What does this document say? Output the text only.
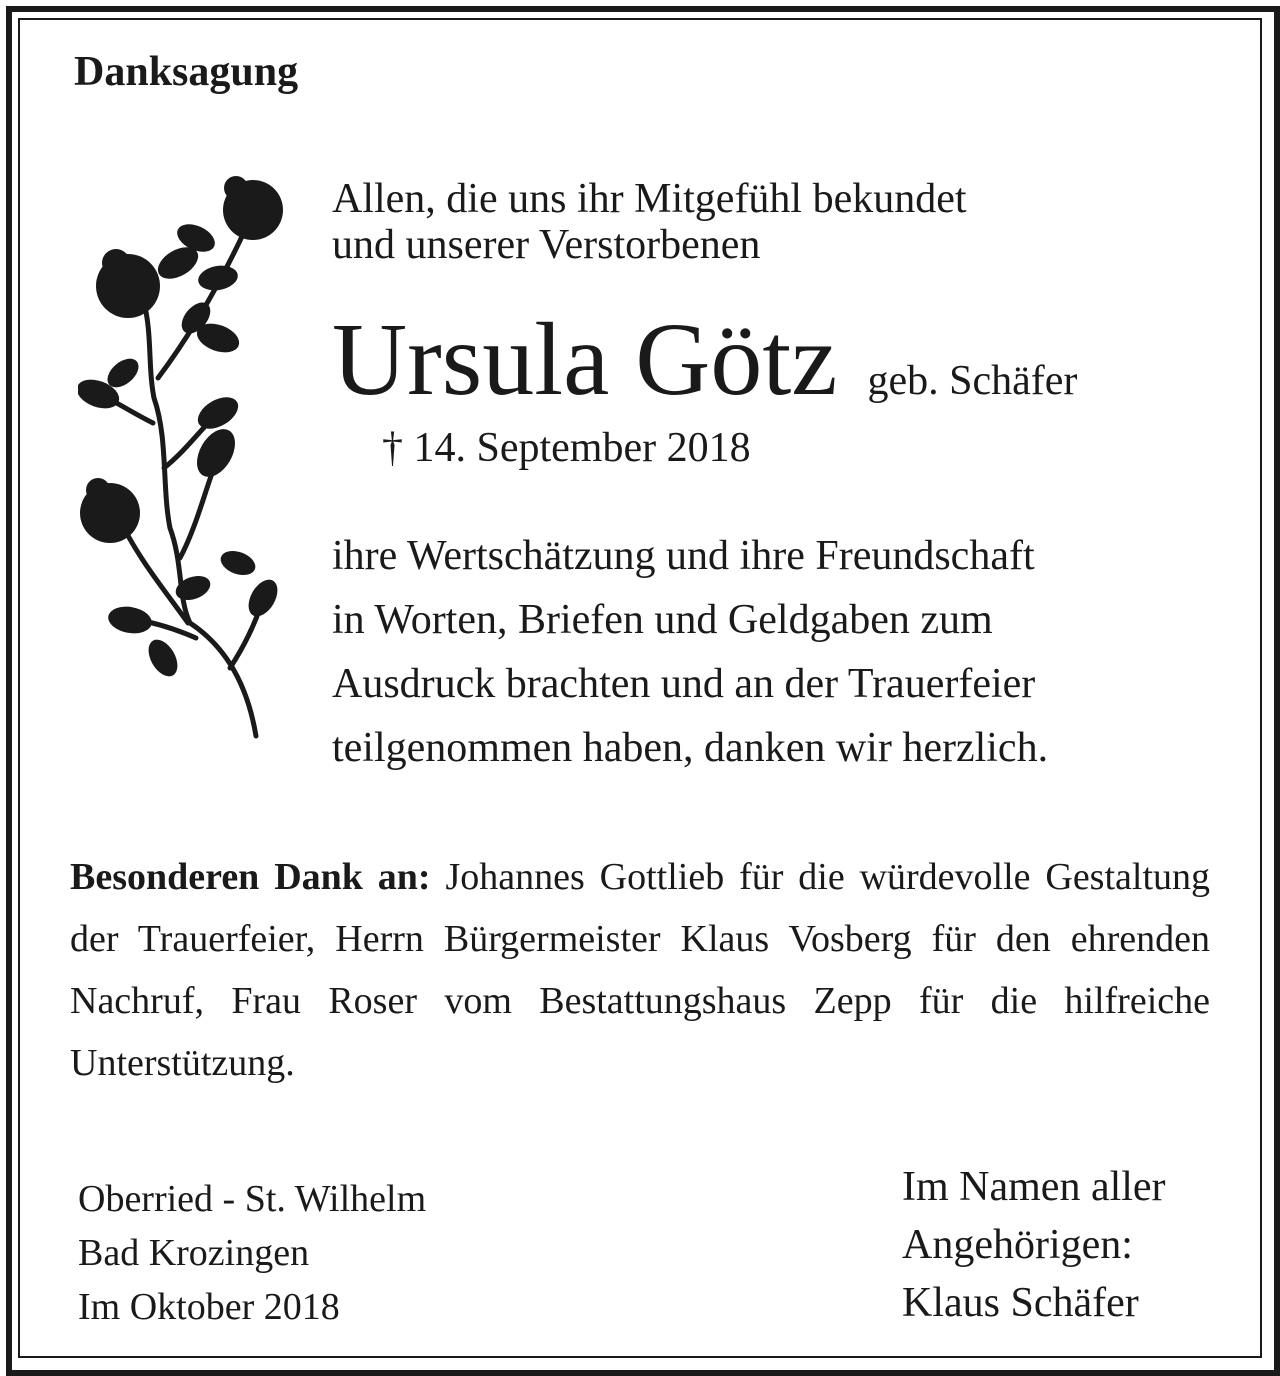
Danksagung
Allen, die uns ihr Mitgefühl bekundet
und unserer Verstorbenen
Ursula Götz geb. Schäfer

† 14. September 2018

ihre Wertschätzung und ihre Freundschaft
in Worten, Briefen und Geldgaben zum
Ausdruck brachten und an der Trauerfeier
teilgenommen haben, danken wir herzlich.

Besonderen Dank an: Johannes Gottlieb für die würdevolle Gestaltung der Trauerfeier, Herrn Bürgermeister Klaus Vosberg für den ehrenden Nachruf, Frau Roser vom Bestattungshaus Zepp für die hilfreiche Unterstützung.

Oberried - St. Wilhelm
Bad Krozingen
Im Oktober 2018
Im Namen aller
Angehörigen:
Klaus Schäfer
